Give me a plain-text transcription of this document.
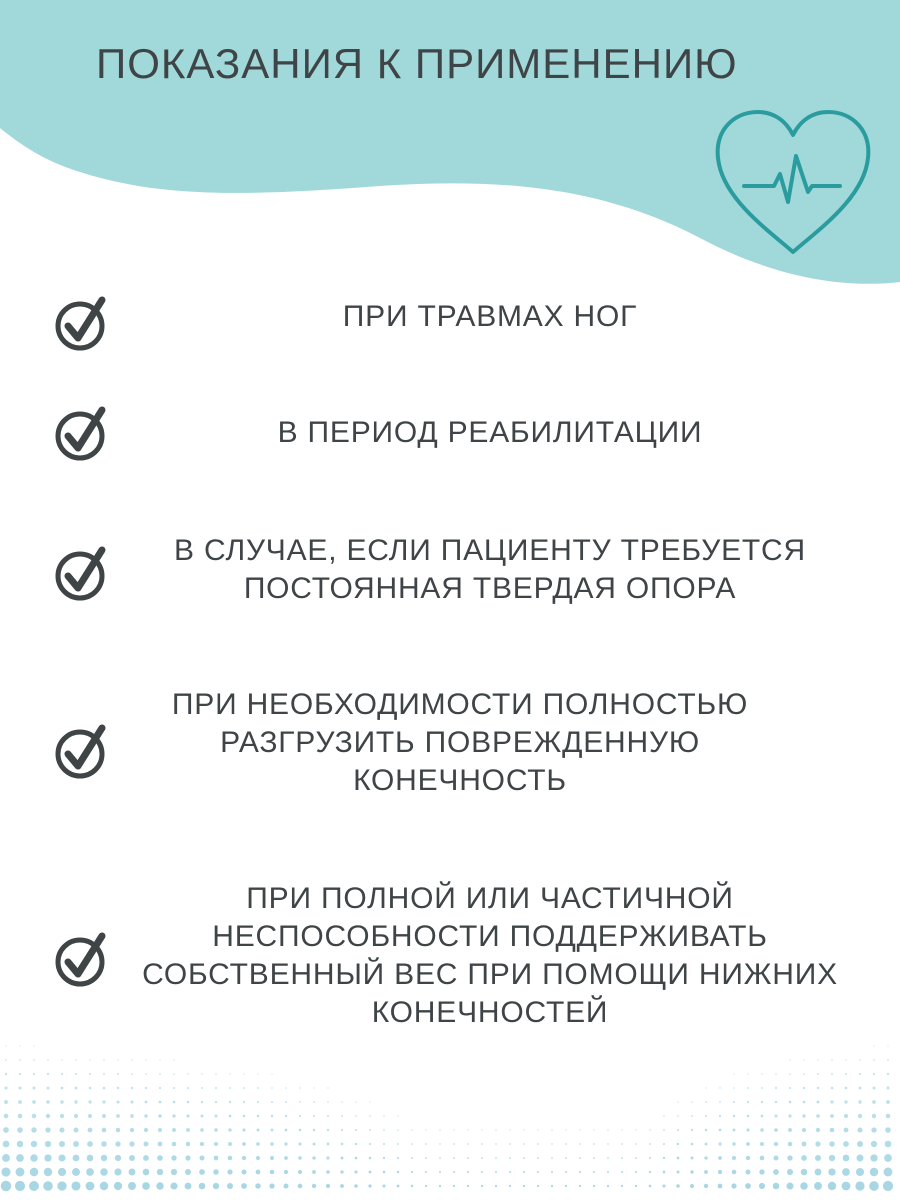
ПОКАЗАНИЯ К ПРИМЕНЕНИЮ
ПРИ ТРАВМАХ НОГ
В ПЕРИОД РЕАБИЛИТАЦИИ
В СЛУЧАЕ, ЕСЛИ ПАЦИЕНТУ ТРЕБУЕТСЯ
ПОСТОЯННАЯ ТВЕРДАЯ ОПОРА
ПРИ НЕОБХОДИМОСТИ ПОЛНОСТЬЮ
РАЗГРУЗИТЬ ПОВРЕЖДЕННУЮ
КОНЕЧНОСТЬ
ПРИ ПОЛНОЙ ИЛИ ЧАСТИЧНОЙ
НЕСПОСОБНОСТИ ПОДДЕРЖИВАТЬ
СОБСТВЕННЫЙ ВЕС ПРИ ПОМОЩИ НИЖНИХ
КОНЕЧНОСТЕЙ
